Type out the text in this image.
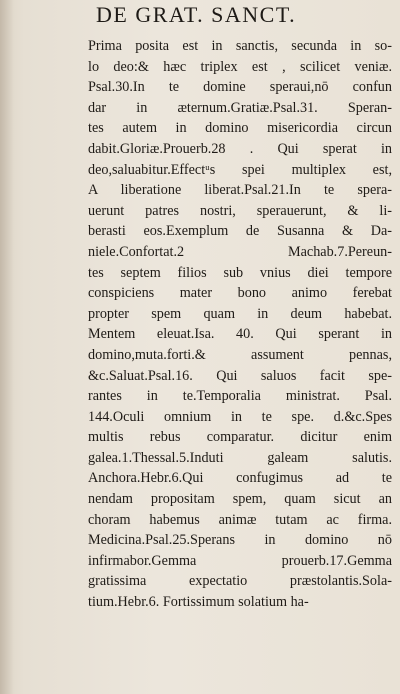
DE GRAT. SANCT.
Prima posita est in sanctis, secunda in so-
lo deo:& hæc triplex est , scilicet veniæ.
Psal.30.In te domine speraui,nō confun
dar in æternum.Gratiæ.Psal.31. Speran-
tes autem in domino misericordia circun
dabit.Gloriæ.Prouerb.28 . Qui sperat in
deo,saluabitur.Effectᵘs spei multiplex est,
A liberatione liberat.Psal.21.In te spera-
uerunt patres nostri, sperauerunt, & li-
berasti eos.Exemplum de Susanna & Da-
niele.Confortat.2 Machab.7.Pereun-
tes septem filios sub vnius diei tempore
conspiciens mater bono animo ferebat
propter spem quam in deum habebat.
Mentem eleuat.Isa. 40. Qui sperant in
domino,muta.forti.& assument pennas,
&c.Saluat.Psal.16. Qui saluos facit spe-
rantes in te.Temporalia ministrat. Psal.
144.Oculi omnium in te spe. d.&c.Spes
multis rebus comparatur. dicitur enim
galea.1.Thessal.5.Induti galeam salutis.
Anchora.Hebr.6.Qui confugimus ad te
nendam propositam spem, quam sicut an
choram habemus animæ tutam ac firma.
Medicina.Psal.25.Sperans in domino nō
infirmabor.Gemma prouerb.17.Gemma
gratissima expectatio præstolantis.Sola-
tium.Hebr.6. Fortissimum solatium ha-
